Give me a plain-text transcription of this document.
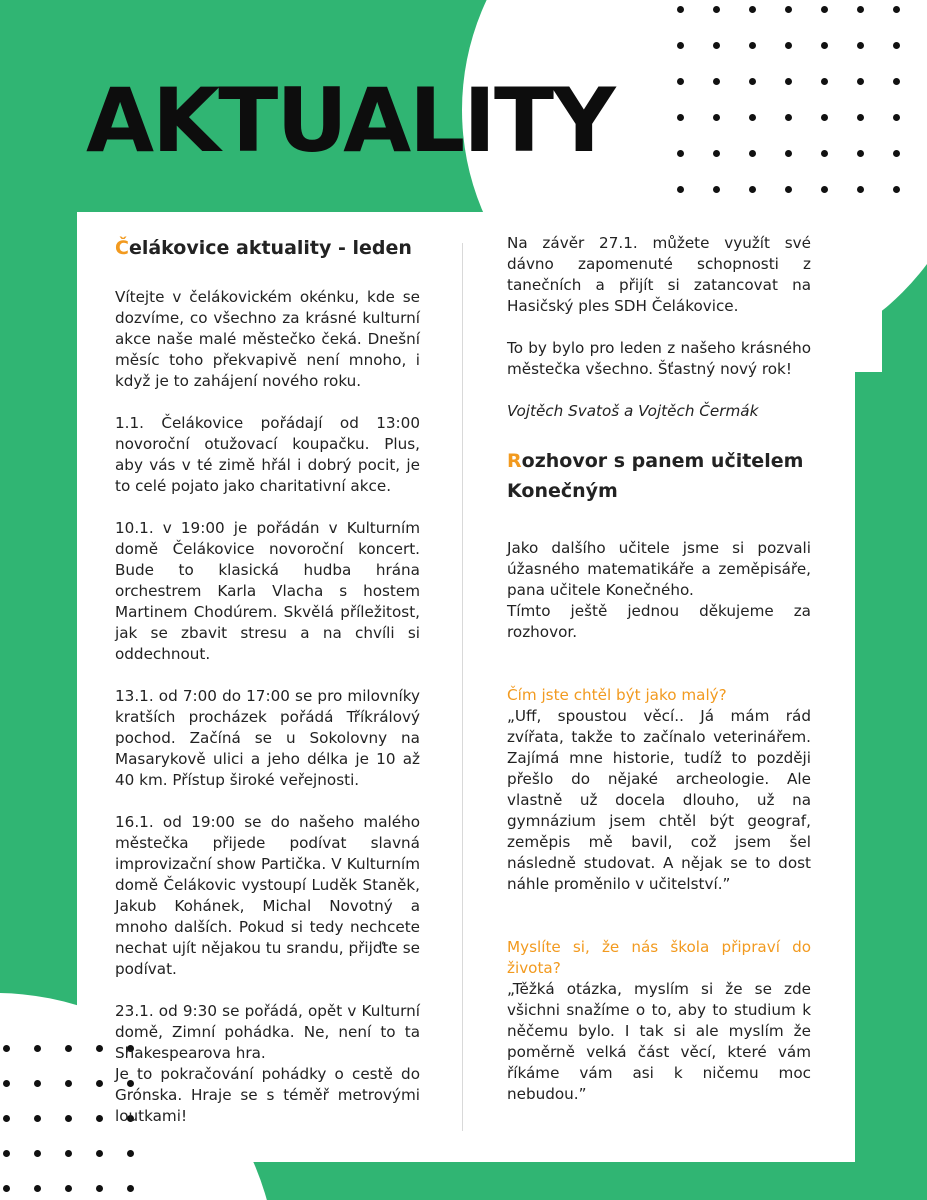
AKTUALITY
Čelákovice aktuality - leden

Vítejte v čelákovickém okénku, kde se dozvíme, co všechno za krásné kulturní akce naše malé městečko čeká. Dnešní měsíc toho překvapivě není mnoho, i když je to zahájení nového roku.

1.1. Čelákovice pořádají od 13:00 novoroční otužovací koupačku. Plus, aby vás v té zimě hřál i dobrý pocit, je to celé pojato jako charitativní akce.

10.1. v 19:00 je pořádán v Kulturním domě Čelákovice novoroční koncert. Bude to klasická hudba hrána orchestrem Karla Vlacha s hostem Martinem Chodúrem. Skvělá příležitost, jak se zbavit stresu a na chvíli si oddechnout.

13.1. od 7:00 do 17:00 se pro milovníky kratších procházek pořádá Tříkrálový pochod. Začíná se u Sokolovny na Masarykově ulici a jeho délka je 10 až 40 km. Přístup široké veřejnosti.

16.1. od 19:00 se do našeho malého městečka přijede podívat slavná improvizační show Partička. V Kulturním domě Čelákovic vystoupí Luděk Staněk, Jakub Kohánek, Michal Novotný a mnoho dalších. Pokud si tedy nechcete nechat ujít nějakou tu srandu, přijďte se podívat.

23.1. od 9:30 se pořádá, opět v Kulturní domě, Zimní pohádka. Ne, není to ta Shakespearova hra.

Je to pokračování pohádky o cestě do Grónska. Hraje se s téměř metrovými loutkami!

Na závěr 27.1. můžete využít své dávno zapomenuté schopnosti z tanečních a přijít si zatancovat na Hasičský ples SDH Čelákovice.

To by bylo pro leden z našeho krásného městečka všechno. Šťastný nový rok!

Vojtěch Svatoš a Vojtěch Čermák

Rozhovor s panem učitelem Konečným

Jako dalšího učitele jsme si pozvali úžasného matematikáře a zeměpisáře, pana učitele Konečného.

Tímto ještě jednou děkujeme za rozhovor.

Čím jste chtěl být jako malý?

„Uff, spoustou věcí.. Já mám rád zvířata, takže to začínalo veterinářem. Zajímá mne historie, tudíž to později přešlo do nějaké archeologie. Ale vlastně už docela dlouho, už na gymnázium jsem chtěl být geograf, zeměpis mě bavil, což jsem šel následně studovat. A nějak se to dost náhle proměnilo v učitelství.”

Myslíte si, že nás škola připraví do života?

„Těžká otázka, myslím si že se zde všichni snažíme o to, aby to studium k něčemu bylo. I tak si ale myslím že poměrně velká část věcí, které vám říkáme vám asi k ničemu moc nebudou.”
